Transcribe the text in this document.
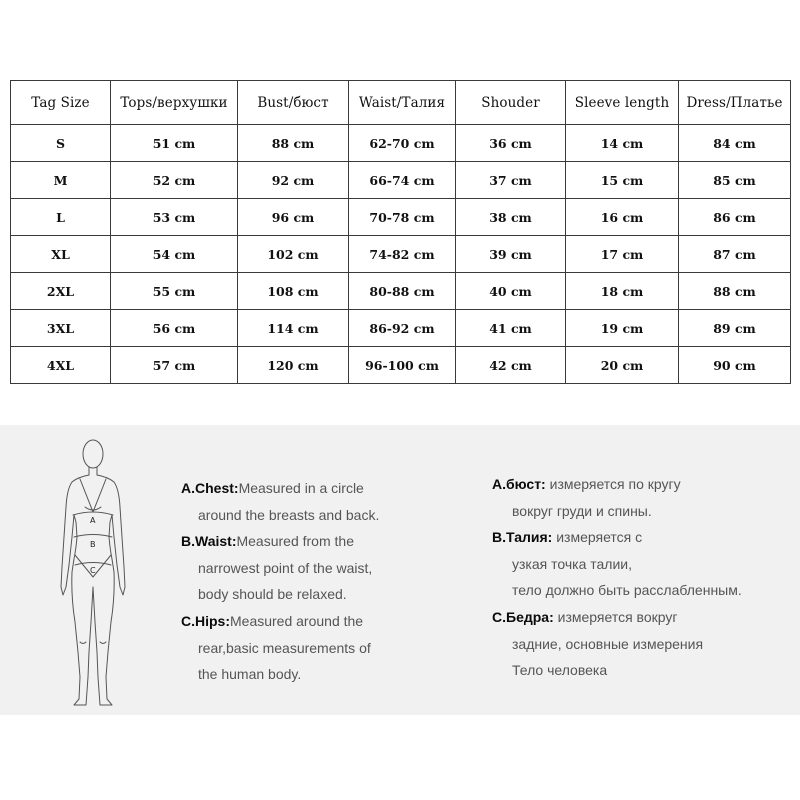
Tag Size	Tops/верхушки	Bust/бюст	Waist/Талия	Shouder	Sleeve length	Dress/Платье
S	51 cm	88 cm	62-70 cm	36 cm	14 cm	84 cm
M	52 cm	92 cm	66-74 cm	37 cm	15 cm	85 cm
L	53 cm	96 cm	70-78 cm	38 cm	16 cm	86 cm
XL	54 cm	102 cm	74-82 cm	39 cm	17 cm	87 cm
2XL	55 cm	108 cm	80-88 cm	40 cm	18 cm	88 cm
3XL	56 cm	114 cm	86-92 cm	41 cm	19 cm	89 cm
4XL	57 cm	120 cm	96-100 cm	42 cm	20 cm	90 cm
A
B
C
A.Chest:Measured in a circle
around the breasts and back.
B.Waist:Measured from the
narrowest point of the waist,
body should be relaxed.
C.Hips:Measured around the
rear,basic measurements of
the human body.
A.бюст: измеряется по кругу
вокруг груди и спины.
B.Талия: измеряется с
узкая точка талии,
тело должно быть расслабленным.
C.Бедра: измеряется вокруг
задние, основные измерения
Тело человека
